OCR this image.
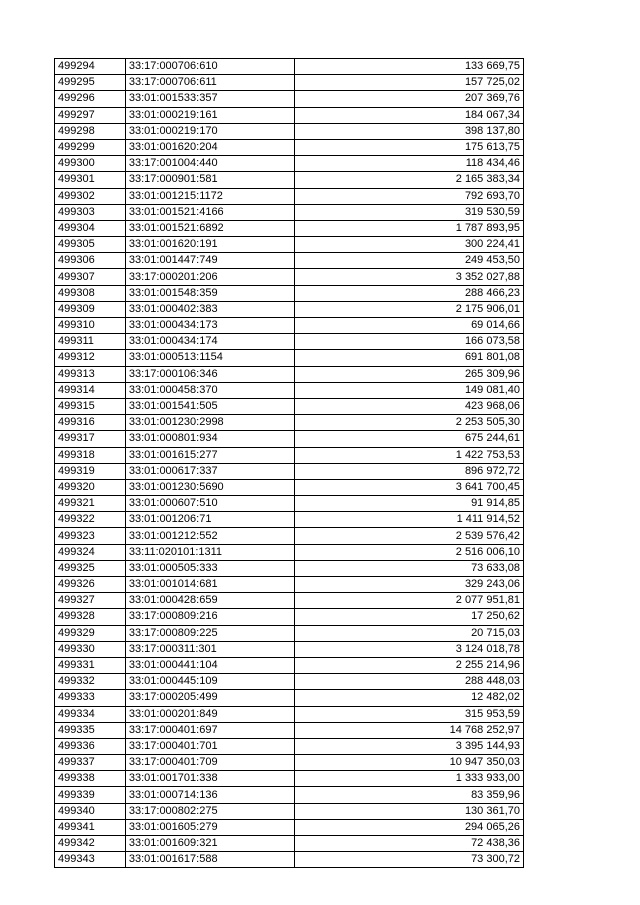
499294	33:17:000706:610	133 669,75
499295	33:17:000706:611	157 725,02
499296	33:01:001533:357	207 369,76
499297	33:01:000219:161	184 067,34
499298	33:01:000219:170	398 137,80
499299	33:01:001620:204	175 613,75
499300	33:17:001004:440	118 434,46
499301	33:17:000901:581	2 165 383,34
499302	33:01:001215:1172	792 693,70
499303	33:01:001521:4166	319 530,59
499304	33:01:001521:6892	1 787 893,95
499305	33:01:001620:191	300 224,41
499306	33:01:001447:749	249 453,50
499307	33:17:000201:206	3 352 027,88
499308	33:01:001548:359	288 466,23
499309	33:01:000402:383	2 175 906,01
499310	33:01:000434:173	69 014,66
499311	33:01:000434:174	166 073,58
499312	33:01:000513:1154	691 801,08
499313	33:17:000106:346	265 309,96
499314	33:01:000458:370	149 081,40
499315	33:01:001541:505	423 968,06
499316	33:01:001230:2998	2 253 505,30
499317	33:01:000801:934	675 244,61
499318	33:01:001615:277	1 422 753,53
499319	33:01:000617:337	896 972,72
499320	33:01:001230:5690	3 641 700,45
499321	33:01:000607:510	91 914,85
499322	33:01:001206:71	1 411 914,52
499323	33:01:001212:552	2 539 576,42
499324	33:11:020101:1311	2 516 006,10
499325	33:01:000505:333	73 633,08
499326	33:01:001014:681	329 243,06
499327	33:01:000428:659	2 077 951,81
499328	33:17:000809:216	17 250,62
499329	33:17:000809:225	20 715,03
499330	33:17:000311:301	3 124 018,78
499331	33:01:000441:104	2 255 214,96
499332	33:01:000445:109	288 448,03
499333	33:17:000205:499	12 482,02
499334	33:01:000201:849	315 953,59
499335	33:17:000401:697	14 768 252,97
499336	33:17:000401:701	3 395 144,93
499337	33:17:000401:709	10 947 350,03
499338	33:01:001701:338	1 333 933,00
499339	33:01:000714:136	83 359,96
499340	33:17:000802:275	130 361,70
499341	33:01:001605:279	294 065,26
499342	33:01:001609:321	72 438,36
499343	33:01:001617:588	73 300,72
